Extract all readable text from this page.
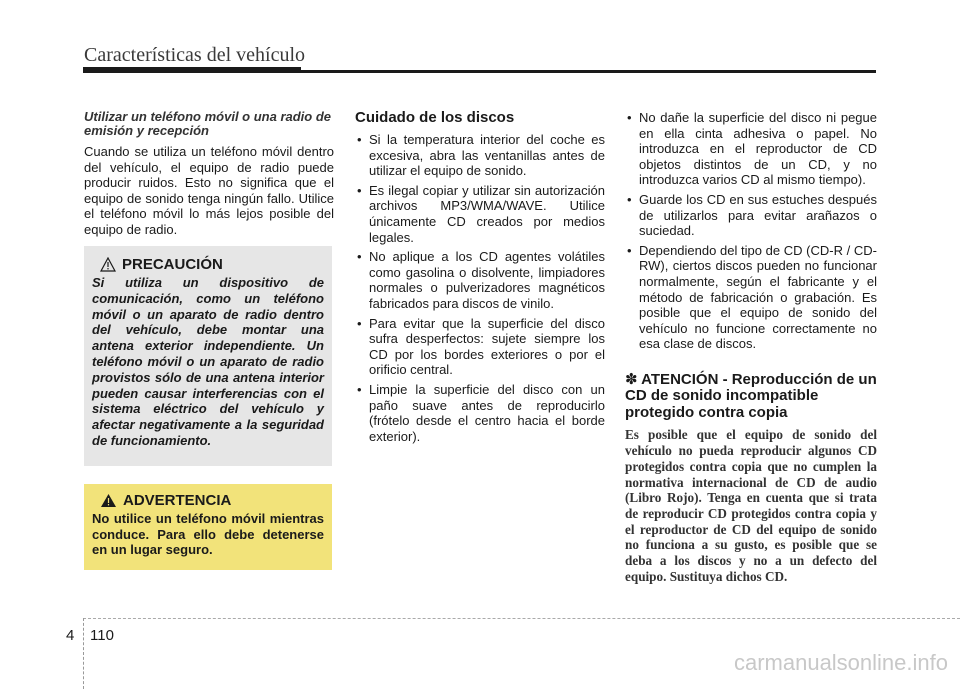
Características del vehículo
Utilizar un teléfono móvil o una radio de emisión y recepción

Cuando se utiliza un teléfono móvil dentro del vehículo, el equipo de radio puede producir ruidos. Esto no significa que el equipo de sonido tenga ningún fallo. Utilice el teléfono móvil lo más lejos posible del equipo de radio.

PRECAUCIÓN

Si utiliza un dispositivo de comunicación, como un teléfono móvil o un aparato de radio dentro del vehículo, debe montar una antena exterior independiente. Un teléfono móvil o un aparato de radio provistos sólo de una antena interior pueden causar interferencias con el sistema eléctrico del vehículo y afectar negativamente a la seguridad de funcionamiento.

ADVERTENCIA

No utilice un teléfono móvil mientras conduce. Para ello debe detenerse en un lugar seguro.

Cuidado de los discos
• Si la temperatura interior del coche es excesiva, abra las ventanillas antes de utilizar el equipo de sonido.
• Es ilegal copiar y utilizar sin autorización archivos MP3/WMA/WAVE. Utilice únicamente CD creados por medios legales.
• No aplique a los CD agentes volátiles como gasolina o disolvente, limpiadores normales o pulverizadores magnéticos fabricados para discos de vinilo.
• Para evitar que la superficie del disco sufra desperfectos: sujete siempre los CD por los bordes exteriores o por el orificio central.
• Limpie la superficie del disco con un paño suave antes de reproducirlo (frótelo desde el centro hacia el borde exterior).
• No dañe la superficie del disco ni pegue en ella cinta adhesiva o papel. No introduzca en el reproductor de CD objetos distintos de un CD, y no introduzca varios CD al mismo tiempo).
• Guarde los CD en sus estuches después de utilizarlos para evitar arañazos o suciedad.
• Dependiendo del tipo de CD (CD-R / CD-RW), ciertos discos pueden no funcionar normalmente, según el fabricante y el método de fabricación o grabación. Es posible que el equipo de sonido del vehículo no funcione correctamente no esa clase de discos.
✽ ATENCIÓN - Reproducción de un CD de sonido incompatible protegido contra copia

Es posible que el equipo de sonido del vehículo no pueda reproducir algunos CD protegidos contra copia que no cumplen la normativa internacional de CD de audio (Libro Rojo). Tenga en cuenta que si trata de reproducir CD protegidos contra copia y el reproductor de CD del equipo de sonido no funciona a su gusto, es posible que se deba a los discos y no a un defecto del equipo. Sustituya dichos CD.

4 110
carmanualsonline.info
